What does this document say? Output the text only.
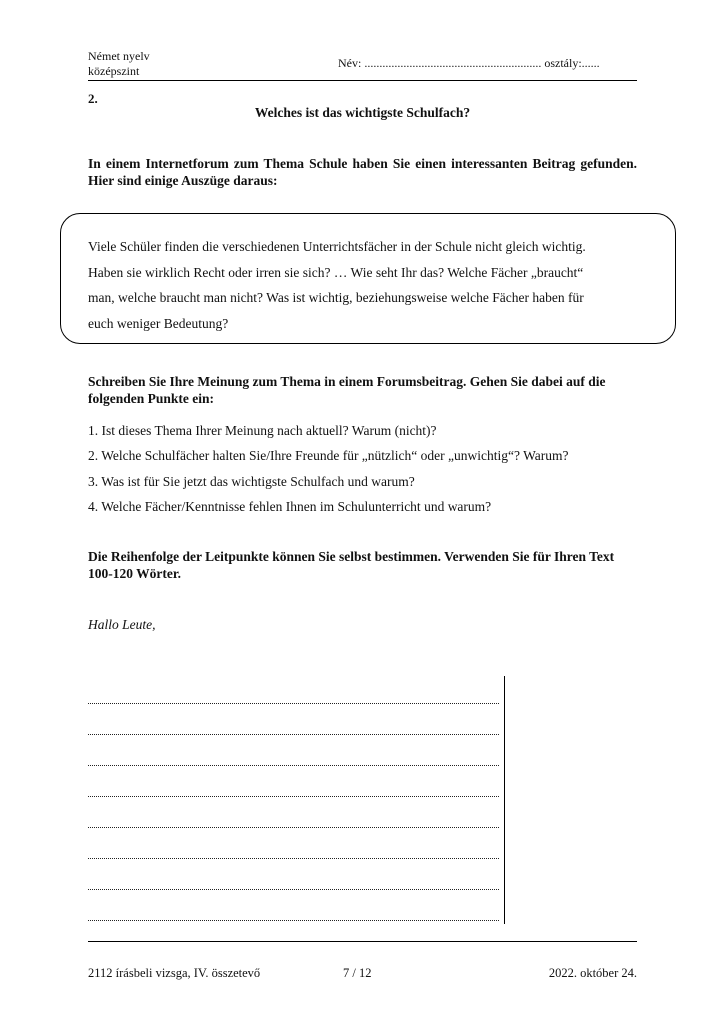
Német nyelv
középszint
Név: ........................................................... osztály:......
2.
Welches ist das wichtigste Schulfach?
In einem Internetforum zum Thema Schule haben Sie einen interessanten Beitrag gefunden. Hier sind einige Auszüge daraus:
Viele Schüler finden die verschiedenen Unterrichtsfächer in der Schule nicht gleich wichtig.
Haben sie wirklich Recht oder irren sie sich? … Wie seht Ihr das? Welche Fächer „braucht“
man, welche braucht man nicht? Was ist wichtig, beziehungsweise welche Fächer haben für
euch weniger Bedeutung?
Schreiben Sie Ihre Meinung zum Thema in einem Forumsbeitrag. Gehen Sie dabei auf die folgenden Punkte ein:
1. Ist dieses Thema Ihrer Meinung nach aktuell? Warum (nicht)?
2. Welche Schulfächer halten Sie/Ihre Freunde für „nützlich“ oder „unwichtig“? Warum?
3. Was ist für Sie jetzt das wichtigste Schulfach und warum?
4. Welche Fächer/Kenntnisse fehlen Ihnen im Schulunterricht und warum?
Die Reihenfolge der Leitpunkte können Sie selbst bestimmen. Verwenden Sie für Ihren Text 100-120 Wörter.
Hallo Leute,
2112 írásbeli vizsga, IV. összetevő	7 / 12	2022. október 24.
